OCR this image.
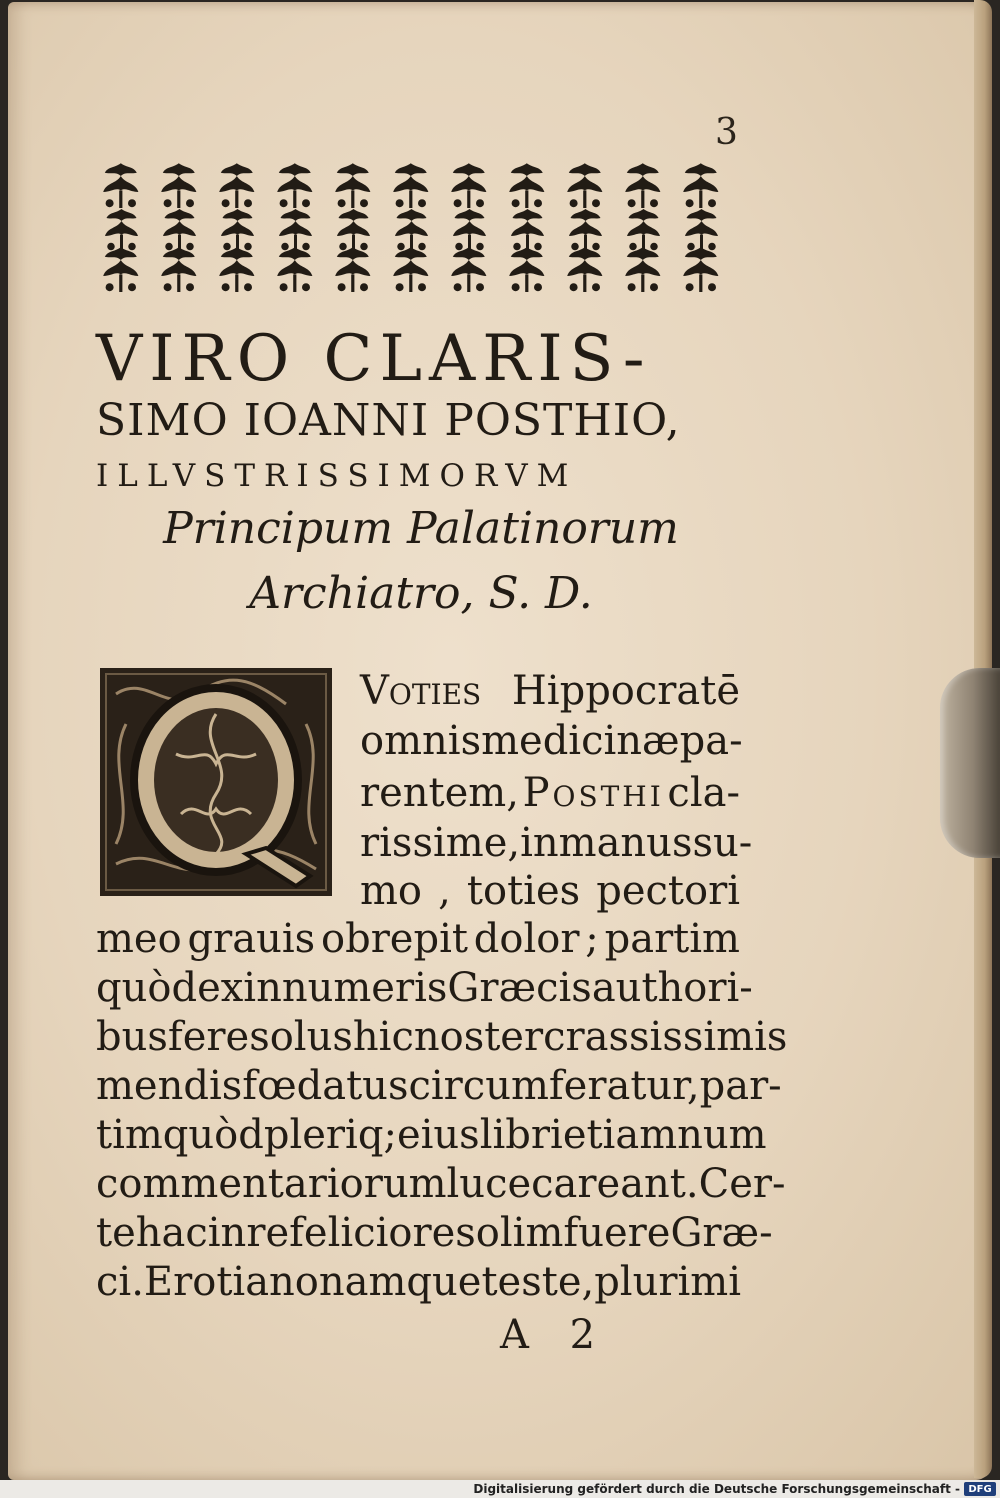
3
VIRO CLARIS-
SIMO IOANNI POSTHIO,
ILLVSTRISSIMORVM
Principum Palatinorum
Archiatro, S. D.
Voties Hippocratē
omnis medicinæ pa-
rentem, Posthi cla-
rissime, in manus su-
mo , toties pectori
meo grauis obrepit dolor ; partim
quòd ex innumeris Græcis authori-
bus fere solus hic noster crassissimis
mendis fœdatus circumferatur, par-
tim quòd pleriq; eius libri etiamnum
commentariorum luce careant. Cer-
te hac in re feliciores olim fuere Græ-
ci. Erotiano namque teste, plurimi
A 2
Digitalisierung gefördert durch die Deutsche Forschungsgemeinschaft - DFG
